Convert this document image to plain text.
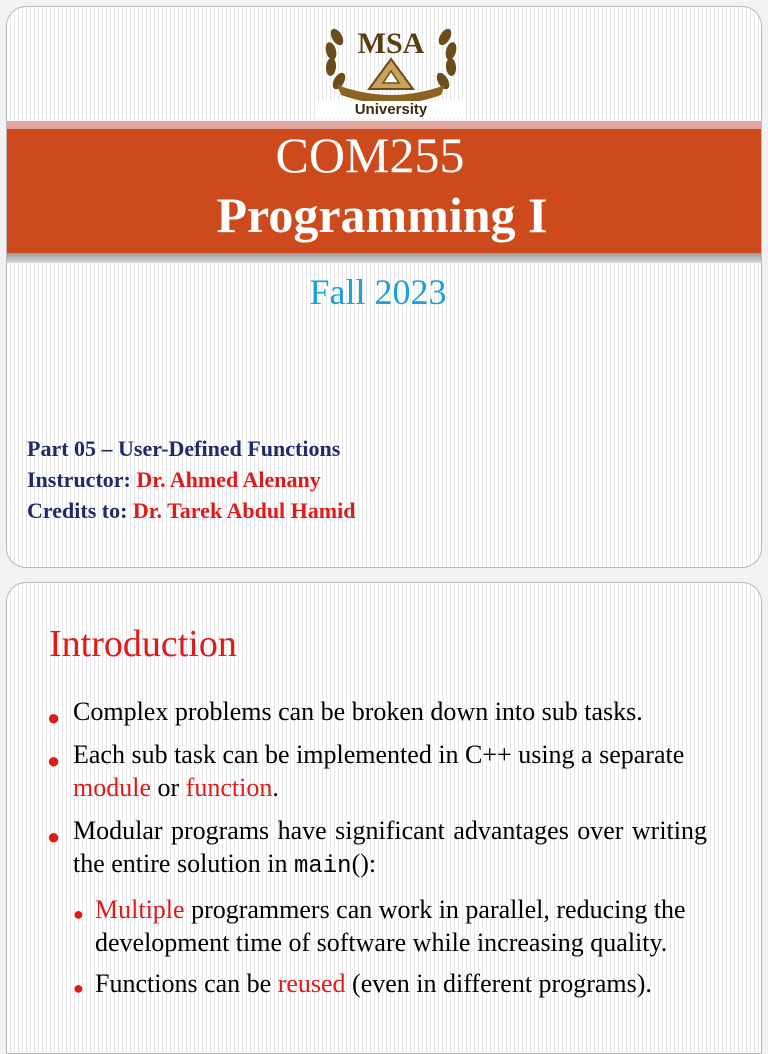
MSA
University
COM255
Programming I
Fall 2023
Part 05 – User-Defined Functions
Instructor: Dr. Ahmed Alenany
Credits to: Dr. Tarek Abdul Hamid
Introduction
● Complex problems can be broken down into sub tasks.
● Each sub task can be implemented in C++ using a separate module or function.
● Modular programs have significant advantages over writing the entire solution in main():
● Multiple programmers can work in parallel, reducing the development time of software while increasing quality.
● Functions can be reused (even in different programs).
